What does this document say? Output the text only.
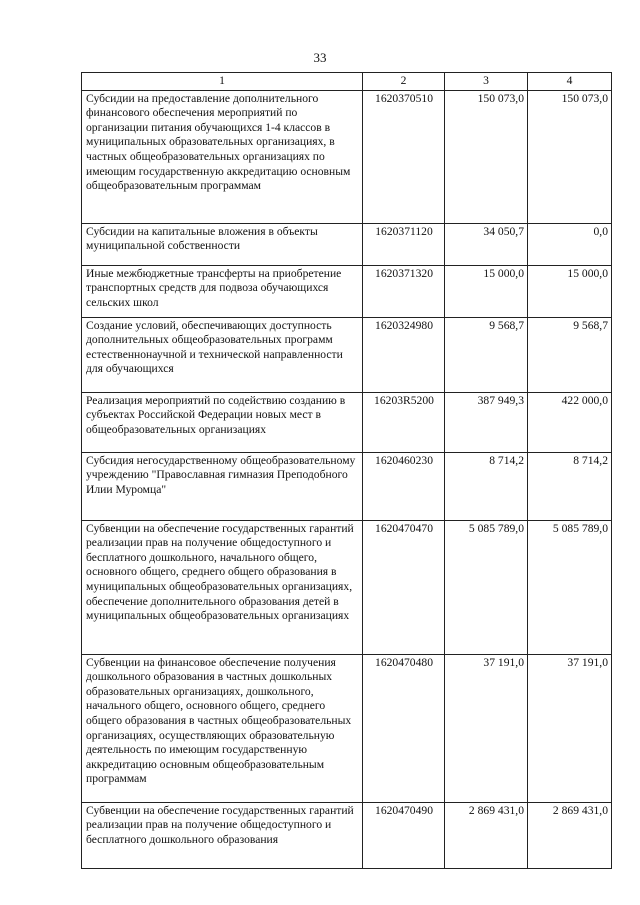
33
1	2	3	4
Субсидии на предоставление дополнительного финансового обеспечения мероприятий по организации питания обучающихся 1-4 классов в муниципальных образовательных организациях, в частных общеобразовательных организациях по имеющим государственную аккредитацию основным общеобразовательным программам	1620370510	150 073,0	150 073,0
Субсидии на капитальные вложения в объекты муниципальной собственности	1620371120	34 050,7	0,0
Иные межбюджетные трансферты на приобретение транспортных средств для подвоза обучающихся сельских школ	1620371320	15 000,0	15 000,0
Создание условий, обеспечивающих доступность дополнительных общеобразовательных программ естественнонаучной и технической направленности для обучающихся	1620324980	9 568,7	9 568,7
Реализация мероприятий по содействию созданию в субъектах Российской Федерации новых мест в общеобразовательных организациях	16203R5200	387 949,3	422 000,0
Субсидия негосударственному общеобразовательному учреждению "Православная гимназия Преподобного Илии Муромца"	1620460230	8 714,2	8 714,2
Субвенции на обеспечение государственных гарантий реализации прав на получение общедоступного и бесплатного дошкольного, начального общего, основного общего, среднего общего образования в муниципальных общеобразовательных организациях, обеспечение дополнительного образования детей в муниципальных общеобразовательных организациях	1620470470	5 085 789,0	5 085 789,0
Субвенции на финансовое обеспечение получения дошкольного образования в частных дошкольных образовательных организациях, дошкольного, начального общего, основного общего, среднего общего образования в частных общеобразовательных организациях, осуществляющих образовательную деятельность по имеющим государственную аккредитацию основным общеобразовательным программам	1620470480	37 191,0	37 191,0
Субвенции на обеспечение государственных гарантий реализации прав на получение общедоступного и бесплатного дошкольного образования	1620470490	2 869 431,0	2 869 431,0
